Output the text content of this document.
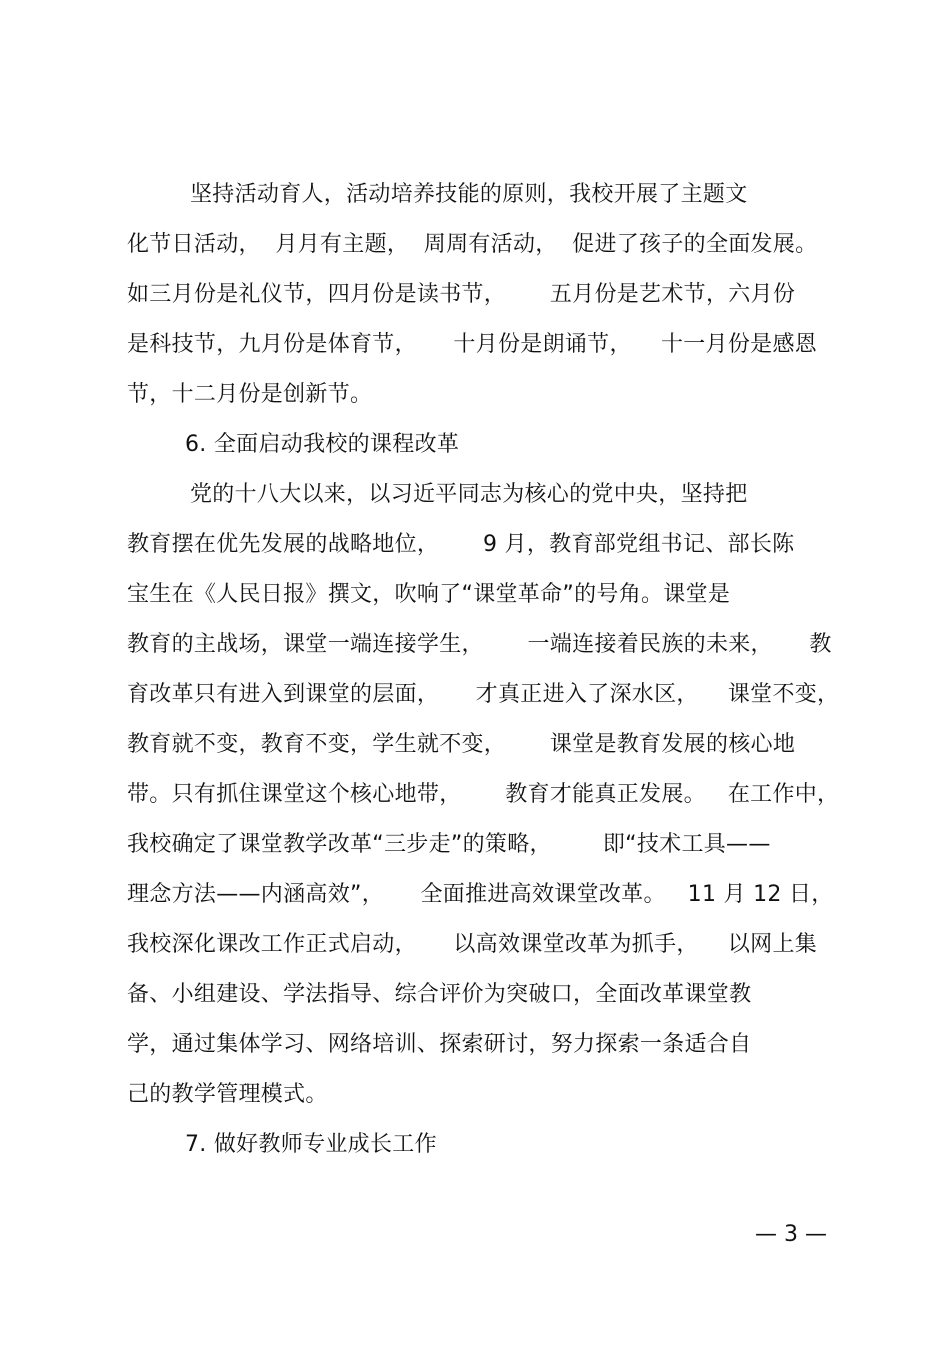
坚持活动育人，活动培养技能的原则，我校开展了主题文
化节日活动，  月月有主题，  周周有活动，  促进了孩子的全面发展。
如三月份是礼仪节，四月份是读书节，      五月份是艺术节，六月份
是科技节，九月份是体育节，     十月份是朗诵节，    十一月份是感恩
节，十二月份是创新节。
6. 全面启动我校的课程改革
党的十八大以来，以习近平同志为核心的党中央，坚持把
教育摆在优先发展的战略地位，      9 月，教育部党组书记、部长陈
宝生在《人民日报》撰文，吹响了“课堂革命”的号角。课堂是
教育的主战场，课堂一端连接学生，      一端连接着民族的未来，     教
育改革只有进入到课堂的层面，     才真正进入了深水区，    课堂不变，
教育就不变，教育不变，学生就不变，      课堂是教育发展的核心地
带。只有抓住课堂这个核心地带，      教育才能真正发展。   在工作中，
我校确定了课堂教学改革“三步走”的策略，       即“技术工具——
理念方法——内涵高效”，     全面推进高效课堂改革。   11 月 12 日，
我校深化课改工作正式启动，     以高效课堂改革为抓手，    以网上集
备、小组建设、学法指导、综合评价为突破口，全面改革课堂教
学，通过集体学习、网络培训、探索研讨，努力探索一条适合自
己的教学管理模式。
7. 做好教师专业成长工作
— 3 —
